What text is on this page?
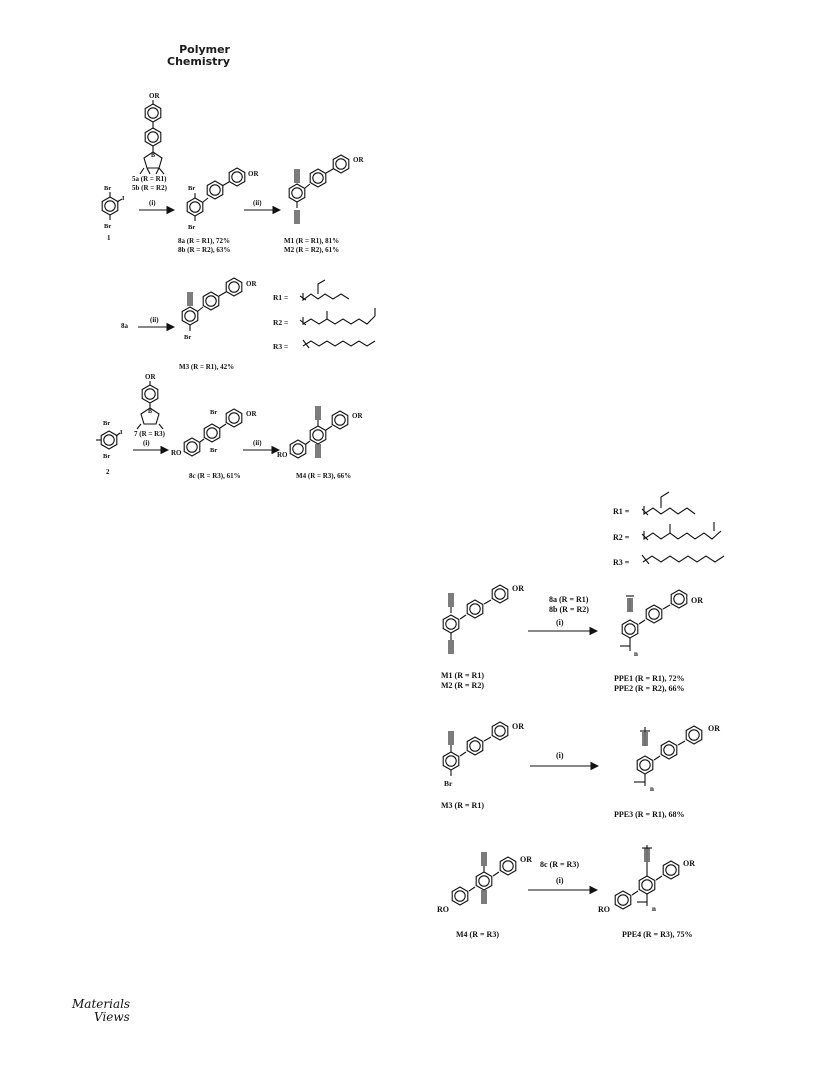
Polymer
Chemistry
OR
B
5a (R = R1) 5b (R = R2)
Br
I
Br
1
(i)
Br
OR
Br
8a (R = R1), 72% 8b (R = R2), 63%
(ii)
OR
M1 (R = R1), 81% M2 (R = R2), 61%
8a
(ii)
OR
Br
M3 (R = R1), 42%
R1 =
R2 =
R3 =
OR
B
7 (R = R3)
Br
I
Br
2
(i)
RO
Br
Br
OR
8c (R = R3), 61%
(ii)
RO
OR
M4 (R = R3), 66%
R1 =
R2 =
R3 =
OR
M1 (R = R1) M2 (R = R2)
8a (R = R1) 8b (R = R2)
(i)
OR
n
PPE1 (R = R1), 72% PPE2 (R = R2), 66%
OR
Br
M3 (R = R1)
(i)
OR
n
PPE3 (R = R1), 68%
RO
OR
M4 (R = R3)
8c (R = R3)
(i)
RO	n
OR
PPE4 (R = R3), 75%
Materials
Views
